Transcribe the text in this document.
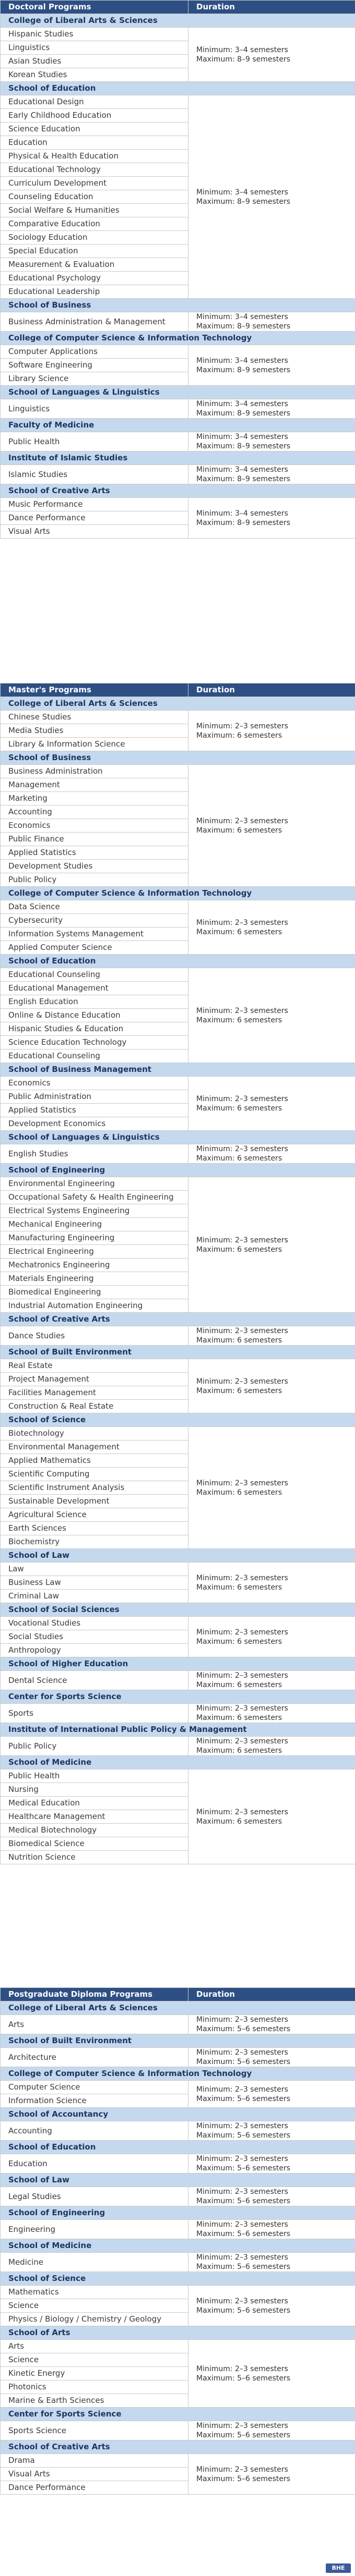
Doctoral Programs	Duration
College of Liberal Arts & Sciences	
Hispanic Studies	Minimum: 3–4 semesters
Maximum: 8–9 semesters

Linguistics	
Asian Studies	
Korean Studies	
School of Education	
Educational Design	Minimum: 3–4 semesters
Maximum: 8–9 semesters

Early Childhood Education	
Science Education	
Education	
Physical & Health Education	
Educational Technology	
Curriculum Development	
Counseling Education	
Social Welfare & Humanities	
Comparative Education	
Sociology Education	
Special Education	
Measurement & Evaluation	
Educational Psychology	
Educational Leadership	
School of Business	
Business Administration & Management	Minimum: 3–4 semesters
Maximum: 8–9 semesters

College of Computer Science & Information Technology	
Computer Applications	Minimum: 3–4 semesters
Maximum: 8–9 semesters

Software Engineering	
Library Science	
School of Languages & Linguistics	
Linguistics	Minimum: 3–4 semesters
Maximum: 8–9 semesters

Faculty of Medicine	
Public Health	Minimum: 3–4 semesters
Maximum: 8–9 semesters

Institute of Islamic Studies	
Islamic Studies	Minimum: 3–4 semesters
Maximum: 8–9 semesters

School of Creative Arts	
Music Performance	Minimum: 3–4 semesters
Maximum: 8–9 semesters

Dance Performance	
Visual Arts	
Master's Programs	Duration
College of Liberal Arts & Sciences	
Chinese Studies	Minimum: 2–3 semesters
Maximum: 6 semesters

Media Studies	
Library & Information Science	
School of Business	
Business Administration	Minimum: 2–3 semesters
Maximum: 6 semesters

Management	
Marketing	
Accounting	
Economics	
Public Finance	
Applied Statistics	
Development Studies	
Public Policy	
College of Computer Science & Information Technology	
Data Science	Minimum: 2–3 semesters
Maximum: 6 semesters

Cybersecurity	
Information Systems Management	
Applied Computer Science	
School of Education	
Educational Counseling	Minimum: 2–3 semesters
Maximum: 6 semesters

Educational Management	
English Education	
Online & Distance Education	
Hispanic Studies & Education	
Science Education Technology	
Educational Counseling	
School of Business Management	
Economics	Minimum: 2–3 semesters
Maximum: 6 semesters

Public Administration	
Applied Statistics	
Development Economics	
School of Languages & Linguistics	
English Studies	Minimum: 2–3 semesters
Maximum: 6 semesters

School of Engineering	
Environmental Engineering	Minimum: 2–3 semesters
Maximum: 6 semesters

Occupational Safety & Health Engineering	
Electrical Systems Engineering	
Mechanical Engineering	
Manufacturing Engineering	
Electrical Engineering	
Mechatronics Engineering	
Materials Engineering	
Biomedical Engineering	
Industrial Automation Engineering	
School of Creative Arts	
Dance Studies	Minimum: 2–3 semesters
Maximum: 6 semesters

School of Built Environment	
Real Estate	Minimum: 2–3 semesters
Maximum: 6 semesters

Project Management	
Facilities Management	
Construction & Real Estate	
School of Science	
Biotechnology	Minimum: 2–3 semesters
Maximum: 6 semesters

Environmental Management	
Applied Mathematics	
Scientific Computing	
Scientific Instrument Analysis	
Sustainable Development	
Agricultural Science	
Earth Sciences	
Biochemistry	
School of Law	
Law	Minimum: 2–3 semesters
Maximum: 6 semesters

Business Law	
Criminal Law	
School of Social Sciences	
Vocational Studies	Minimum: 2–3 semesters
Maximum: 6 semesters

Social Studies	
Anthropology	
School of Higher Education	
Dental Science	Minimum: 2–3 semesters
Maximum: 6 semesters

Center for Sports Science	
Sports	Minimum: 2–3 semesters
Maximum: 6 semesters

Institute of International Public Policy & Management	
Public Policy	Minimum: 2–3 semesters
Maximum: 6 semesters

School of Medicine	
Public Health	Minimum: 2–3 semesters
Maximum: 6 semesters

Nursing	
Medical Education	
Healthcare Management	
Medical Biotechnology	
Biomedical Science	
Nutrition Science	
Postgraduate Diploma Programs	Duration
College of Liberal Arts & Sciences	
Arts	Minimum: 2–3 semesters
Maximum: 5–6 semesters

School of Built Environment	
Architecture	Minimum: 2–3 semesters
Maximum: 5–6 semesters

College of Computer Science & Information Technology	
Computer Science	Minimum: 2–3 semesters
Maximum: 5–6 semesters

Information Science	
School of Accountancy	
Accounting	Minimum: 2–3 semesters
Maximum: 5–6 semesters

School of Education	
Education	Minimum: 2–3 semesters
Maximum: 5–6 semesters

School of Law	
Legal Studies	Minimum: 2–3 semesters
Maximum: 5–6 semesters

School of Engineering	
Engineering	Minimum: 2–3 semesters
Maximum: 5–6 semesters

School of Medicine	
Medicine	Minimum: 2–3 semesters
Maximum: 5–6 semesters

School of Science	
Mathematics	Minimum: 2–3 semesters
Maximum: 5–6 semesters

Science	
Physics / Biology / Chemistry / Geology	
School of Arts	
Arts	Minimum: 2–3 semesters
Maximum: 5–6 semesters

Science	
Kinetic Energy	
Photonics	
Marine & Earth Sciences	
Center for Sports Science	
Sports Science	Minimum: 2–3 semesters
Maximum: 5–6 semesters

School of Creative Arts	
Drama	Minimum: 2–3 semesters
Maximum: 5–6 semesters

Visual Arts	
Dance Performance	
BHE
